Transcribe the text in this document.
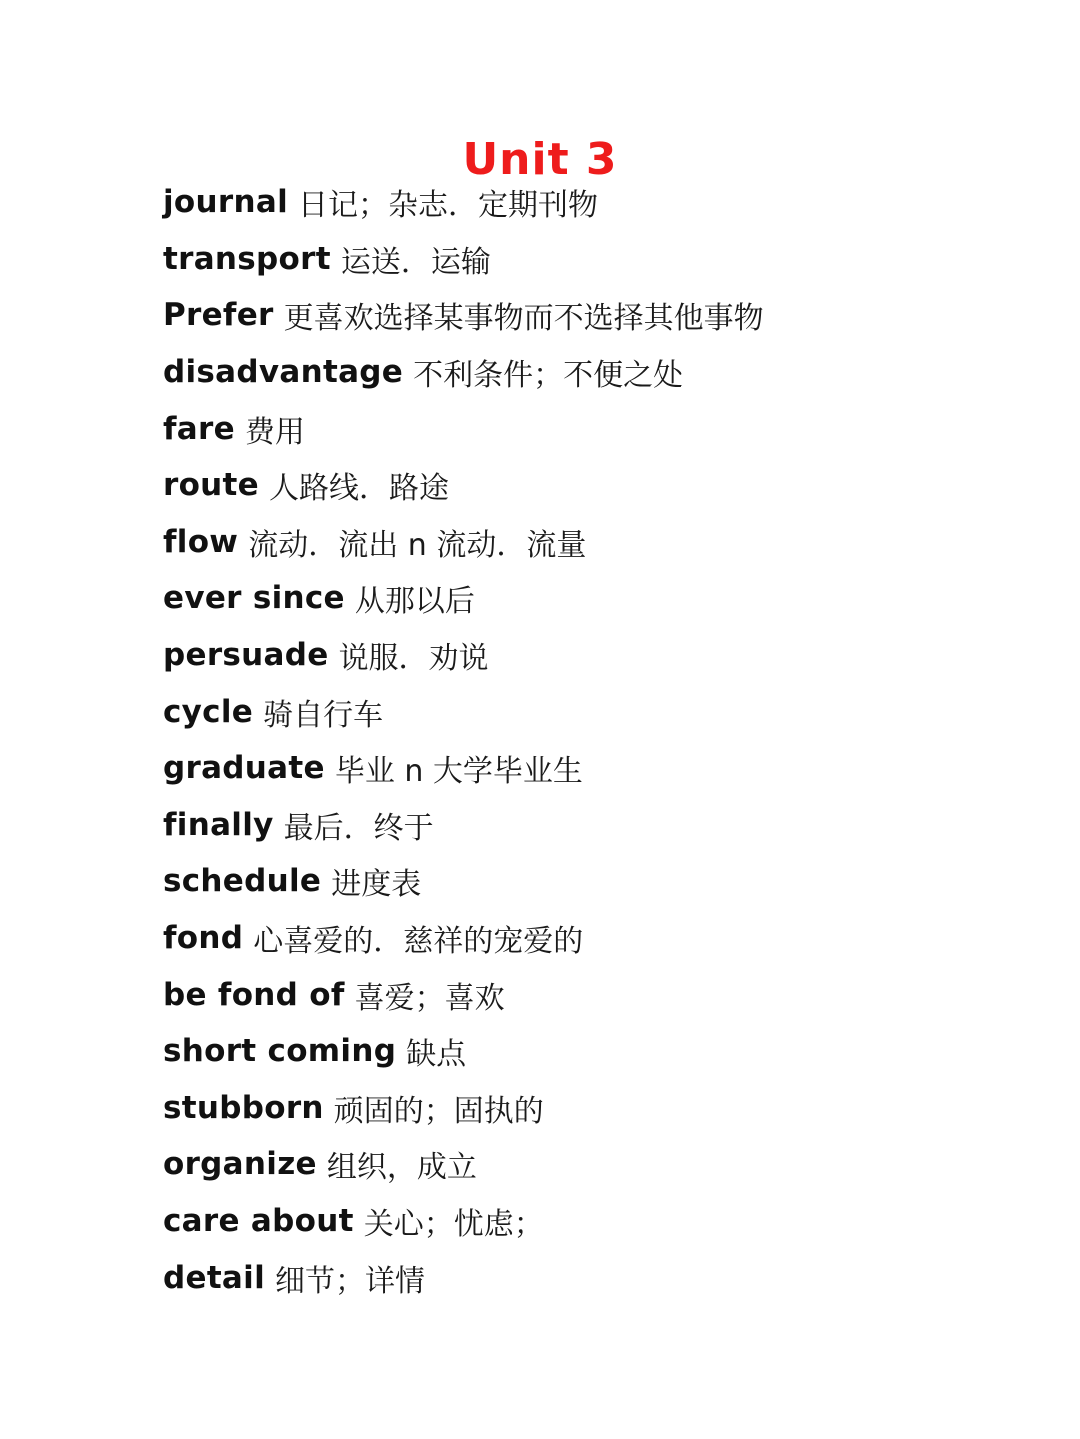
Unit 3
journal 日记；杂志．定期刊物
transport 运送．运输
Prefer 更喜欢选择某事物而不选择其他事物
disadvantage 不利条件；不便之处
fare 费用
route 人路线．路途
flow 流动．流出 n 流动．流量
ever since 从那以后
persuade 说服．劝说
cycle 骑自行车
graduate 毕业 n 大学毕业生
finally 最后．终于
schedule 进度表
fond 心喜爱的．慈祥的宠爱的
be fond of 喜爱；喜欢
short coming 缺点
stubborn 顽固的；固执的
organize 组织，成立
care about 关心；忧虑；
detail 细节；详情
